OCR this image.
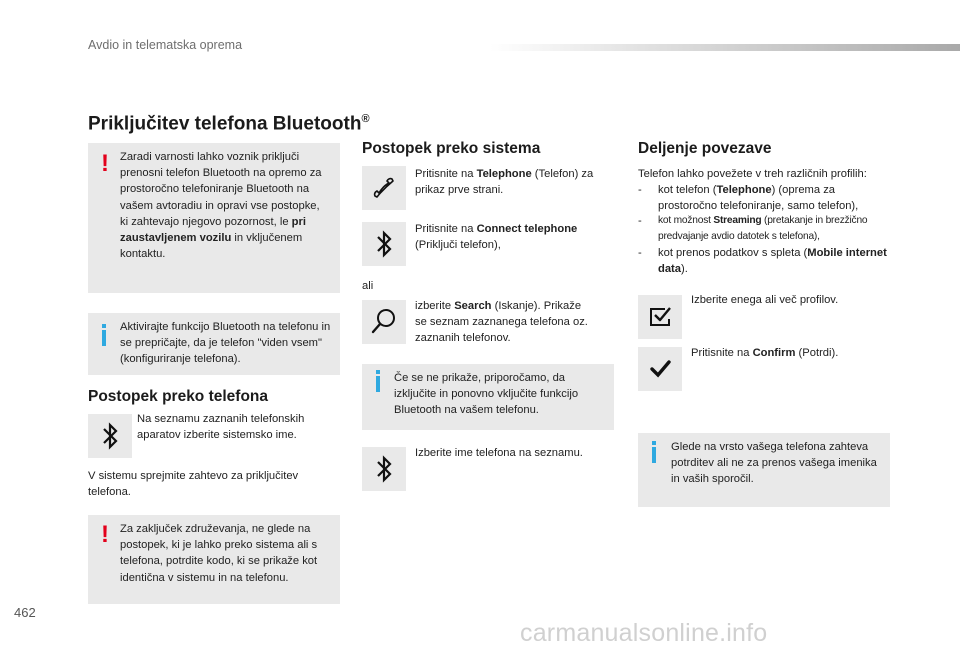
Avdio in telematska oprema
Priključitev telefona Bluetooth®
! Zaradi varnosti lahko voznik priključi prenosni telefon Bluetooth na opremo za prostoročno telefoniranje Bluetooth na vašem avtoradiu in opravi vse postopke, ki zahtevajo njegovo pozornost, le pri zaustavljenem vozilu in vključenem kontaktu.
Aktivirajte funkcijo Bluetooth na telefonu in se prepričajte, da je telefon "viden vsem" (konfiguriranje telefona).
Postopek preko telefona
Na seznamu zaznanih telefonskih aparatov izberite sistemsko ime.
V sistemu sprejmite zahtevo za priključitev telefona.
! Za zaključek združevanja, ne glede na postopek, ki je lahko preko sistema ali s telefona, potrdite kodo, ki se prikaže kot identična v sistemu in na telefonu.
Postopek preko sistema
Pritisnite na Telephone (Telefon) za prikaz prve strani.
Pritisnite na Connect telephone (Priključi telefon),
ali
izberite Search (Iskanje). Prikaže se seznam zaznanega telefona oz. zaznanih telefonov.
Če se ne prikaže, priporočamo, da izključite in ponovno vključite funkcijo Bluetooth na vašem telefonu.
Izberite ime telefona na seznamu.
Deljenje povezave
Telefon lahko povežete v treh različnih profilih:
- kot telefon (Telephone) (oprema za prostoročno telefoniranje, samo telefon),
- kot možnost Streaming (pretakanje in brezžično predvajanje avdio datotek s telefona),
- kot prenos podatkov s spleta (Mobile internet data).
Izberite enega ali več profilov.
Pritisnite na Confirm (Potrdi).
Glede na vrsto vašega telefona zahteva potrditev ali ne za prenos vašega imenika in vaših sporočil.
462
carmanualsonline.info
